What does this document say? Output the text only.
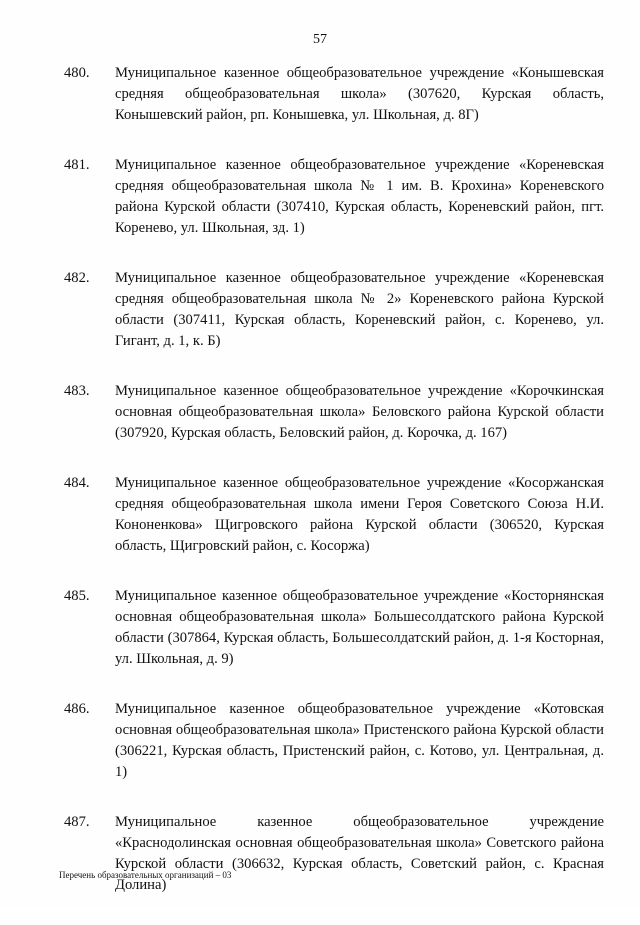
57
480.	Муниципальное казенное общеобразовательное учреждение «Конышевская средняя общеобразовательная школа» (307620, Курская область, Конышевский район, рп. Конышевка, ул. Школьная, д. 8Г)
481.	Муниципальное казенное общеобразовательное учреждение «Кореневская средняя общеобразовательная школа № 1 им. В. Крохина» Кореневского района Курской области (307410, Курская область, Кореневский район, пгт. Коренево, ул. Школьная, зд. 1)
482.	Муниципальное казенное общеобразовательное учреждение «Кореневская средняя общеобразовательная школа № 2» Кореневского района Курской области (307411, Курская область, Кореневский район, с. Коренево, ул. Гигант, д. 1, к. Б)
483.	Муниципальное казенное общеобразовательное учреждение «Корочкинская основная общеобразовательная школа» Беловского района Курской области (307920, Курская область, Беловский район, д. Корочка, д. 167)
484.	Муниципальное казенное общеобразовательное учреждение «Косоржанская средняя общеобразовательная школа имени Героя Советского Союза Н.И. Кононенкова» Щигровского района Курской области (306520, Курская область, Щигровский район, с. Косоржа)
485.	Муниципальное казенное общеобразовательное учреждение «Косторнянская основная общеобразовательная школа» Большесолдатского района Курской области (307864, Курская область, Большесолдатский район, д. 1-я Косторная, ул. Школьная, д. 9)
486.	Муниципальное казенное общеобразовательное учреждение «Котовская основная общеобразовательная школа» Пристенского района Курской области (306221, Курская область, Пристенский район, с. Котово, ул. Центральная, д. 1)
487.	Муниципальное казенное общеобразовательное учреждение «Краснодолинская основная общеобразовательная школа» Советского района Курской области (306632, Курская область, Советский район, с. Красная Долина)
Перечень образовательных организаций – 03
